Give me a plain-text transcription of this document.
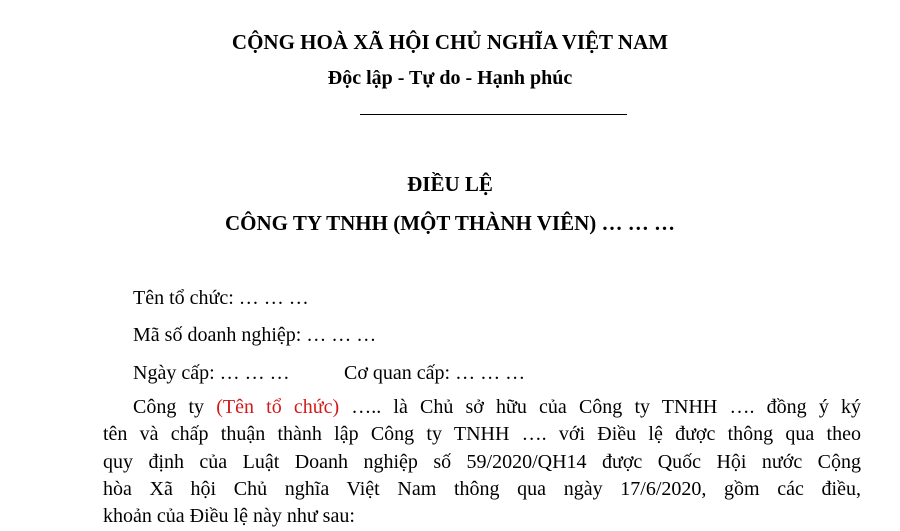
CỘNG HOÀ XÃ HỘI CHỦ NGHĨA VIỆT NAM
Độc lập - Tự do - Hạnh phúc
ĐIỀU LỆ
CÔNG TY TNHH (MỘT THÀNH VIÊN) … … …
Tên tổ chức: … … …
Mã số doanh nghiệp: … … …
Ngày cấp: … … …	Cơ quan cấp: … … …
Công ty (Tên tổ chức) ….. là Chủ sở hữu của Công ty TNHH …. đồng ý ký
tên và chấp thuận thành lập Công ty TNHH …. với Điều lệ được thông qua theo
quy định của Luật Doanh nghiệp số 59/2020/QH14 được Quốc Hội nước Cộng
hòa Xã hội Chủ nghĩa Việt Nam thông qua ngày 17/6/2020, gồm các điều,
khoản của Điều lệ này như sau:
